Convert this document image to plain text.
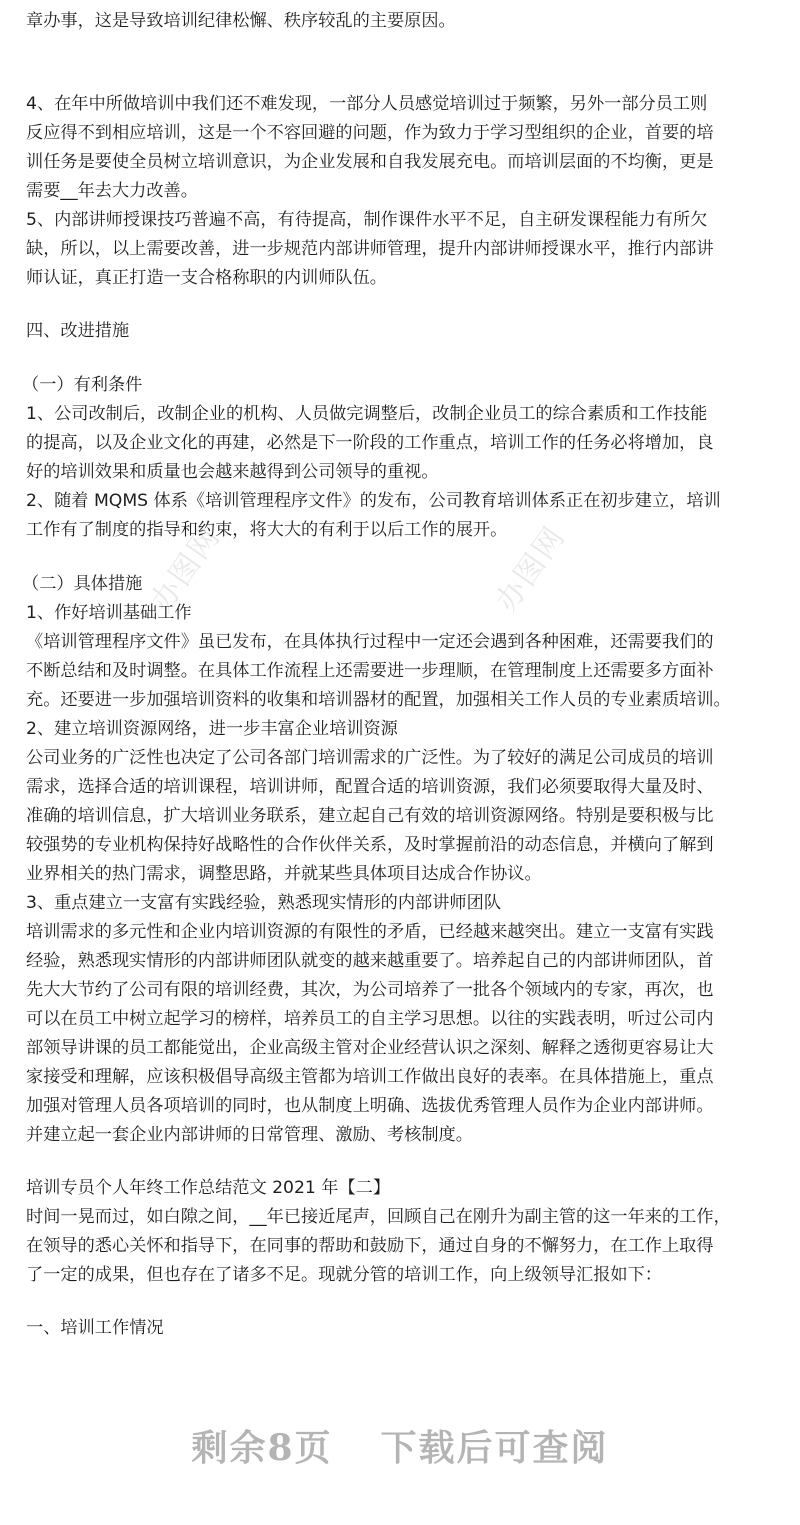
办图网	办图网
章办事，这是导致培训纪律松懈、秩序较乱的主要原因。
4、在年中所做培训中我们还不难发现，一部分人员感觉培训过于频繁，另外一部分员工则
反应得不到相应培训，这是一个不容回避的问题，作为致力于学习型组织的企业，首要的培
训任务是要使全员树立培训意识，为企业发展和自我发展充电。而培训层面的不均衡，更是
需要__年去大力改善。
5、内部讲师授课技巧普遍不高，有待提高，制作课件水平不足，自主研发课程能力有所欠
缺，所以，以上需要改善，进一步规范内部讲师管理，提升内部讲师授课水平，推行内部讲
师认证，真正打造一支合格称职的内训师队伍。
四、改进措施
（一）有利条件
1、公司改制后，改制企业的机构、人员做完调整后，改制企业员工的综合素质和工作技能
的提高，以及企业文化的再建，必然是下一阶段的工作重点，培训工作的任务必将增加，良
好的培训效果和质量也会越来越得到公司领导的重视。
2、随着 MQMS 体系《培训管理程序文件》的发布，公司教育培训体系正在初步建立，培训
工作有了制度的指导和约束，将大大的有利于以后工作的展开。
（二）具体措施
1、作好培训基础工作
《培训管理程序文件》虽已发布，在具体执行过程中一定还会遇到各种困难，还需要我们的
不断总结和及时调整。在具体工作流程上还需要进一步理顺，在管理制度上还需要多方面补
充。还要进一步加强培训资料的收集和培训器材的配置，加强相关工作人员的专业素质培训。
2、建立培训资源网络，进一步丰富企业培训资源
公司业务的广泛性也决定了公司各部门培训需求的广泛性。为了较好的满足公司成员的培训
需求，选择合适的培训课程，培训讲师，配置合适的培训资源，我们必须要取得大量及时、
准确的培训信息，扩大培训业务联系，建立起自己有效的培训资源网络。特别是要积极与比
较强势的专业机构保持好战略性的合作伙伴关系，及时掌握前沿的动态信息，并横向了解到
业界相关的热门需求，调整思路，并就某些具体项目达成合作协议。
3、重点建立一支富有实践经验，熟悉现实情形的内部讲师团队
培训需求的多元性和企业内培训资源的有限性的矛盾，已经越来越突出。建立一支富有实践
经验，熟悉现实情形的内部讲师团队就变的越来越重要了。培养起自己的内部讲师团队，首
先大大节约了公司有限的培训经费，其次，为公司培养了一批各个领域内的专家，再次，也
可以在员工中树立起学习的榜样，培养员工的自主学习思想。以往的实践表明，听过公司内
部领导讲课的员工都能觉出，企业高级主管对企业经营认识之深刻、解释之透彻更容易让大
家接受和理解，应该积极倡导高级主管都为培训工作做出良好的表率。在具体措施上，重点
加强对管理人员各项培训的同时，也从制度上明确、选拔优秀管理人员作为企业内部讲师。
并建立起一套企业内部讲师的日常管理、激励、考核制度。
培训专员个人年终工作总结范文 2021 年【二】
时间一晃而过，如白隙之间，__年已接近尾声，回顾自己在刚升为副主管的这一年来的工作，
在领导的悉心关怀和指导下，在同事的帮助和鼓励下，通过自身的不懈努力，在工作上取得
了一定的成果，但也存在了诸多不足。现就分管的培训工作，向上级领导汇报如下：
一、培训工作情况
剩余8页 下载后可查阅
